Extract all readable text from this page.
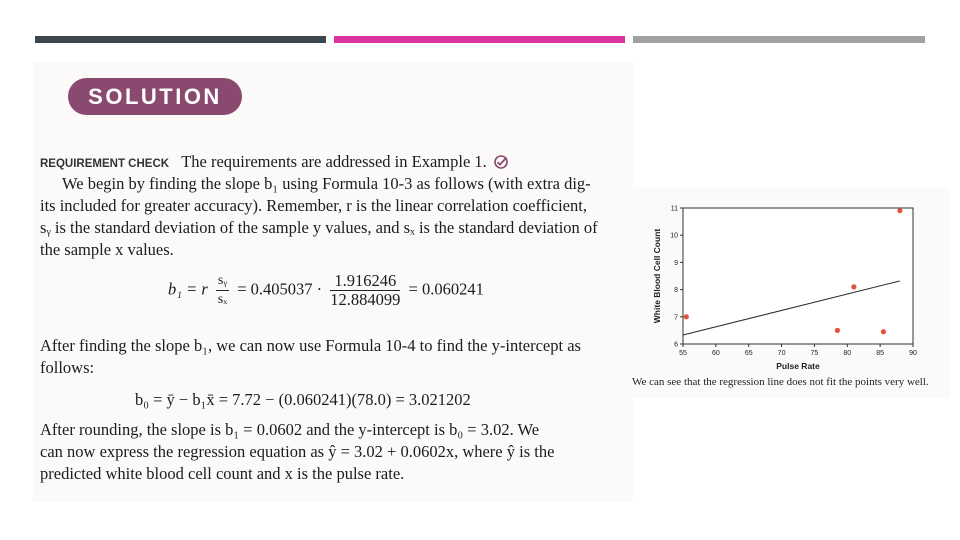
SOLUTION
REQUIREMENT CHECK The requirements are addressed in Example 1.
We begin by finding the slope b₁ using Formula 10-3 as follows (with extra dig-
its included for greater accuracy). Remember, r is the linear correlation coefficient,
sᵧ is the standard deviation of the sample y values, and sₓ is the standard deviation of
the sample x values.
b₁ = r $\frac{\text{sᵧ}}{\text{sₓ}} = 0.405037 \cdot \frac{1.916246}{12.884099} = 0.060241$
After finding the slope b₁, we can now use Formula 10-4 to find the y-intercept as
follows:
b₀ = ȳ − b₁x̄ = 7.72 − (0.060241)(78.0) = 3.021202
After rounding, the slope is b₁ = 0.0602 and the y-intercept is b₀ = 3.02. We
can now express the regression equation as ŷ = 3.02 + 0.0602x, where ŷ is the
predicted white blood cell count and x is the pulse rate.
55	60	65	70	75	80	85	90
6
7
8
9
10
11
Pulse Rate
White Blood Cell Count
We can see that the regression line does not fit the points very well.
